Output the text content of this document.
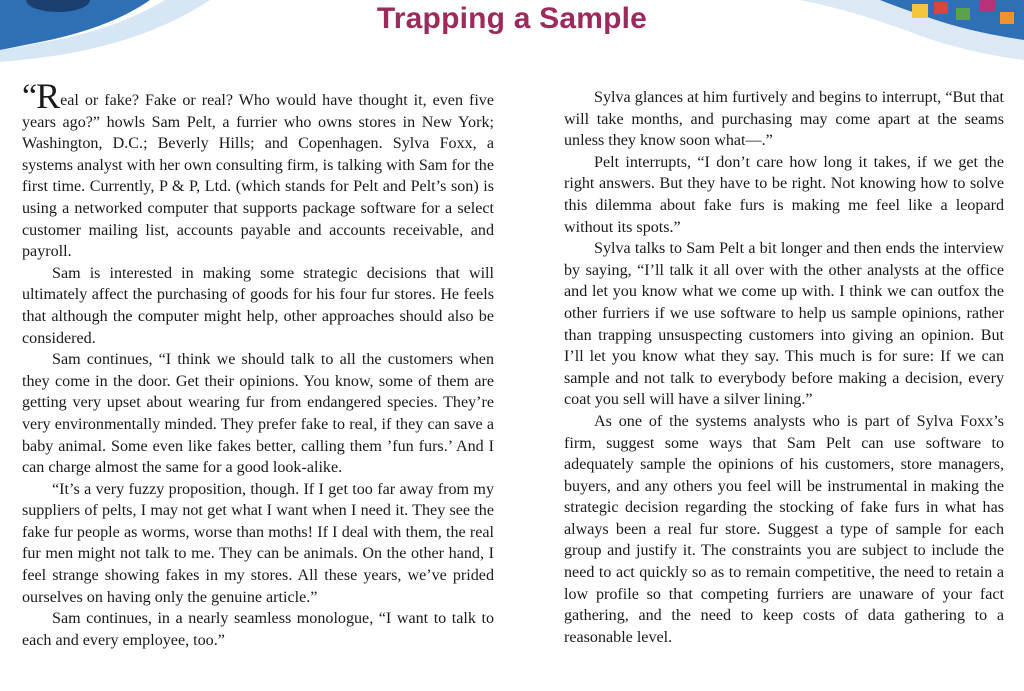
Trapping a Sample

“Real or fake? Fake or real? Who would have thought it, even five years ago?” howls Sam Pelt, a furrier who owns stores in New York; Washington, D.C.; Beverly Hills; and Copenhagen. Sylva Foxx, a systems analyst with her own consulting firm, is talking with Sam for the first time. Currently, P & P, Ltd. (which stands for Pelt and Pelt’s son) is using a networked computer that supports package software for a select customer mailing list, accounts payable and accounts receivable, and payroll.

Sam is interested in making some strategic decisions that will ultimately affect the purchasing of goods for his four fur stores. He feels that although the computer might help, other approaches should also be considered.

Sam continues, “I think we should talk to all the customers when they come in the door. Get their opinions. You know, some of them are getting very upset about wearing fur from endangered species. They’re very environmentally minded. They prefer fake to real, if they can save a baby animal. Some even like fakes better, calling them ’fun furs.’ And I can charge almost the same for a good look-alike.

“It’s a very fuzzy proposition, though. If I get too far away from my suppliers of pelts, I may not get what I want when I need it. They see the fake fur people as worms, worse than moths! If I deal with them, the real fur men might not talk to me. They can be animals. On the other hand, I feel strange showing fakes in my stores. All these years, we’ve prided ourselves on having only the genuine article.”

Sam continues, in a nearly seamless monologue, “I want to talk to each and every employee, too.”

Sylva glances at him furtively and begins to interrupt, “But that will take months, and purchasing may come apart at the seams unless they know soon what—.”

Pelt interrupts, “I don’t care how long it takes, if we get the right answers. But they have to be right. Not knowing how to solve this dilemma about fake furs is making me feel like a leopard without its spots.”

Sylva talks to Sam Pelt a bit longer and then ends the interview by saying, “I’ll talk it all over with the other analysts at the office and let you know what we come up with. I think we can outfox the other furriers if we use software to help us sample opinions, rather than trapping unsuspecting customers into giving an opinion. But I’ll let you know what they say. This much is for sure: If we can sample and not talk to everybody before making a decision, every coat you sell will have a silver lining.”

As one of the systems analysts who is part of Sylva Foxx’s firm, suggest some ways that Sam Pelt can use software to adequately sample the opinions of his customers, store managers, buyers, and any others you feel will be instrumental in making the strategic decision regarding the stocking of fake furs in what has always been a real fur store. Suggest a type of sample for each group and justify it. The constraints you are subject to include the need to act quickly so as to remain competitive, the need to retain a low profile so that competing furriers are unaware of your fact gathering, and the need to keep costs of data gathering to a reasonable level.
